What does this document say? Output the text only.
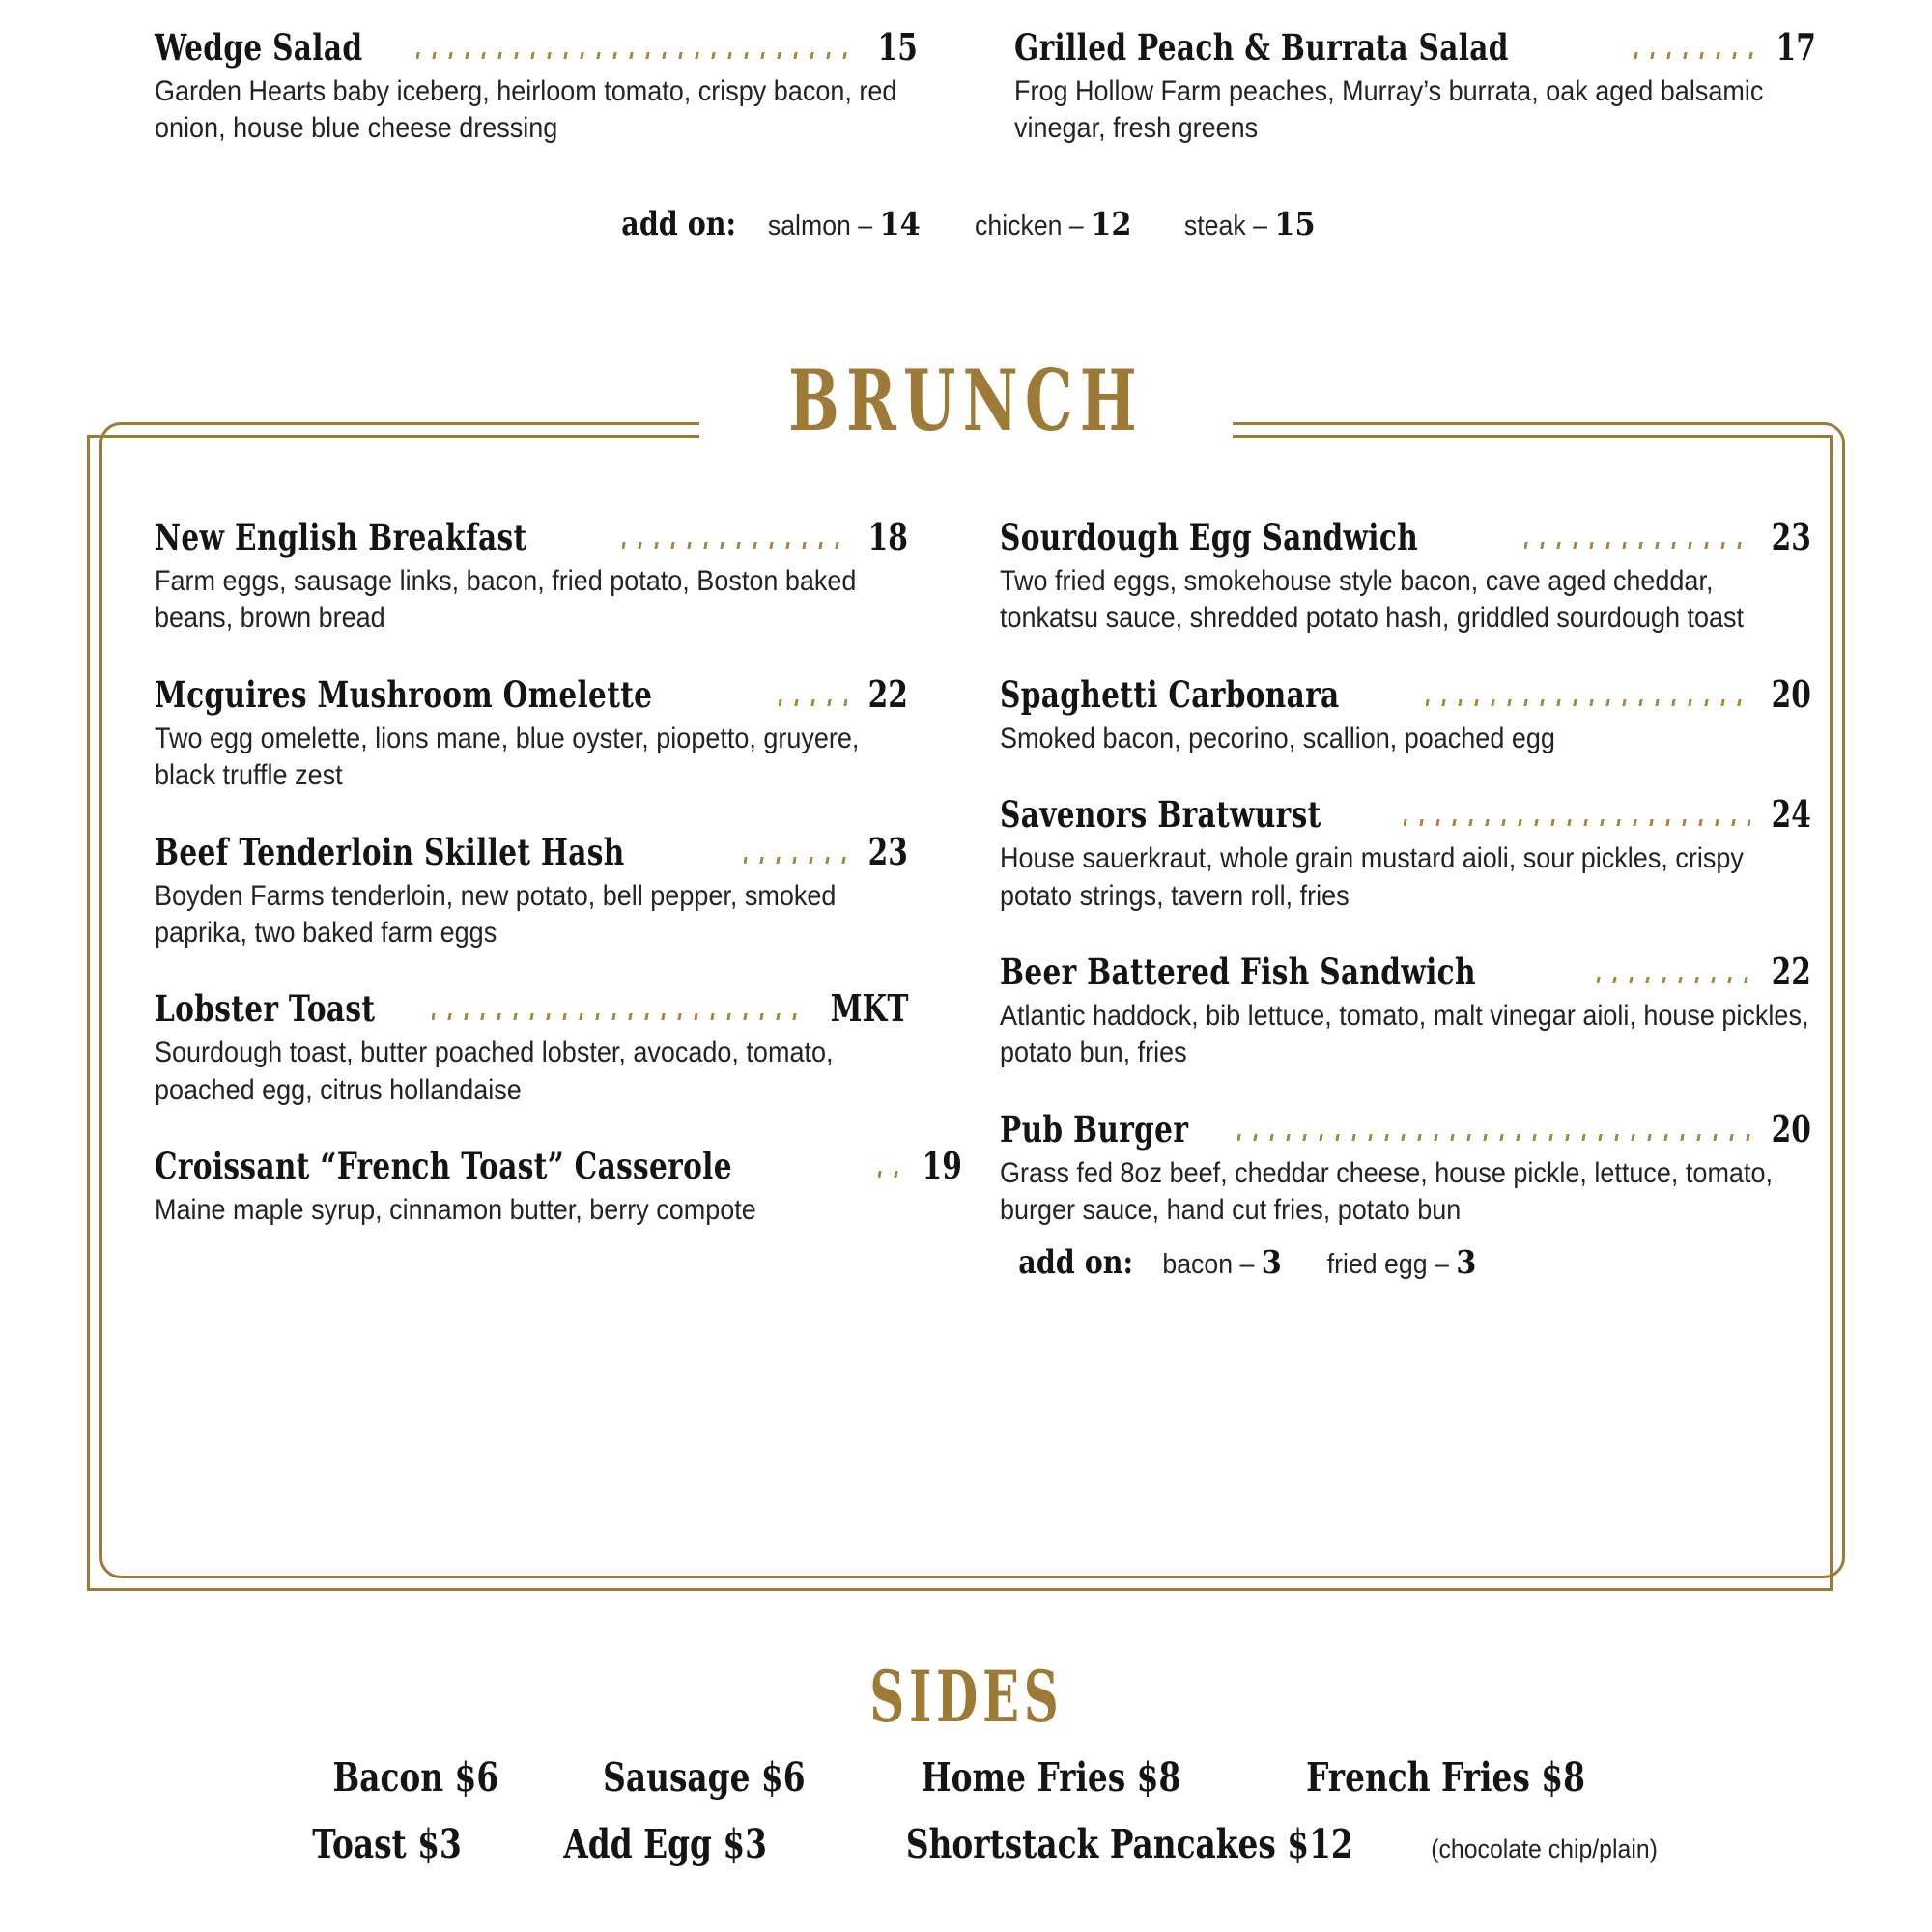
Wedge Salad	15
Garden Hearts baby iceberg, heirloom tomato, crispy bacon, red onion, house blue cheese dressing
Grilled Peach & Burrata Salad	17
Frog Hollow Farm peaches, Murray’s burrata, oak aged balsamic vinegar, fresh greens
add on: salmon – 14 chicken – 12 steak – 15
BRUNCH
New English Breakfast	18
Farm eggs, sausage links, bacon, fried potato, Boston baked beans, brown bread
Mcguires Mushroom Omelette	22
Two egg omelette, lions mane, blue oyster, piopetto, gruyere, black truffle zest
Beef Tenderloin Skillet Hash	23
Boyden Farms tenderloin, new potato, bell pepper, smoked paprika, two baked farm eggs
Lobster Toast	MKT
Sourdough toast, butter poached lobster, avocado, tomato, poached egg, citrus hollandaise
Croissant “French Toast” Casserole	19
Maine maple syrup, cinnamon butter, berry compote
Sourdough Egg Sandwich	23
Two fried eggs, smokehouse style bacon, cave aged cheddar, tonkatsu sauce, shredded potato hash, griddled sourdough toast
Spaghetti Carbonara	20
Smoked bacon, pecorino, scallion, poached egg
Savenors Bratwurst	24
House sauerkraut, whole grain mustard aioli, sour pickles, crispy potato strings, tavern roll, fries
Beer Battered Fish Sandwich	22
Atlantic haddock, bib lettuce, tomato, malt vinegar aioli, house pickles, potato bun, fries
Pub Burger	20
Grass fed 8oz beef, cheddar cheese, house pickle, lettuce, tomato, burger sauce, hand cut fries, potato bun
add on: bacon – 3 fried egg – 3
SIDES
Bacon $6	Sausage $6	Home Fries $8	French Fries $8
Toast $3	Add Egg $3	Shortstack Pancakes $12	(chocolate chip/plain)
